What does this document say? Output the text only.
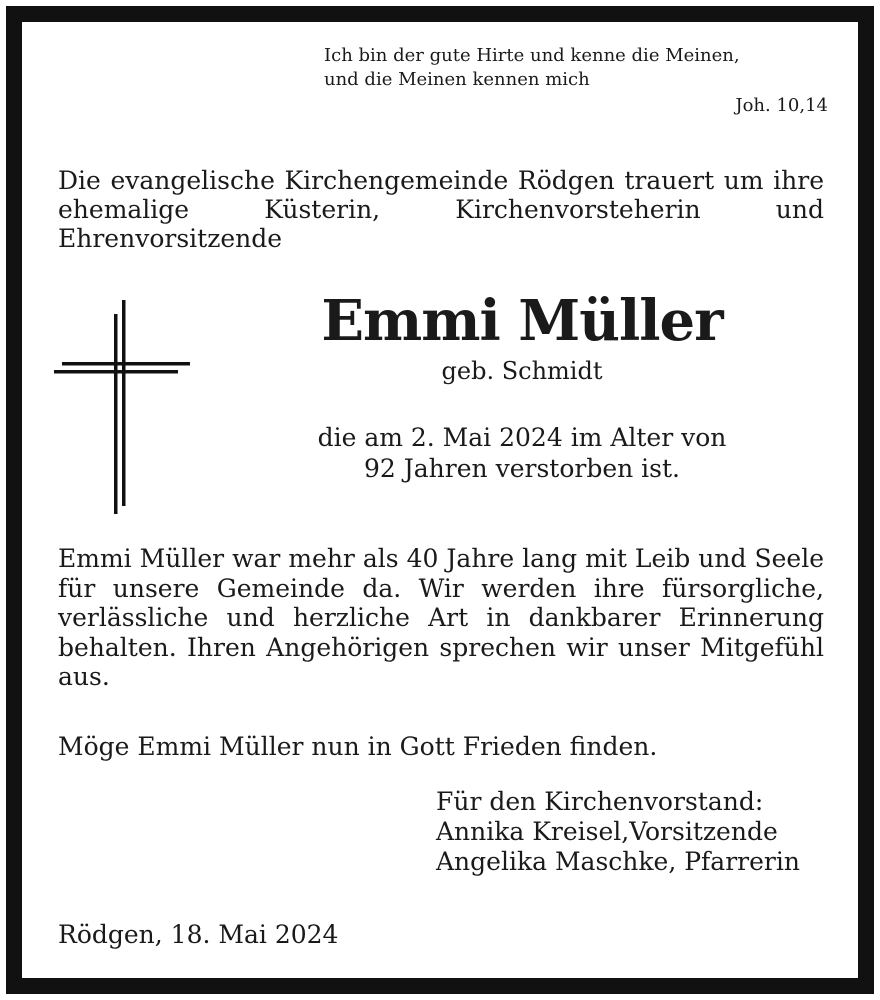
Ich bin der gute Hirte und kenne die Meinen,
und die Meinen kennen mich
Joh. 10,14
Die evangelische Kirchengemeinde Rödgen trauert um ihre ehemalige Küsterin, Kirchenvorsteherin und Ehrenvorsitzende
Emmi Müller
geb. Schmidt
die am 2. Mai 2024 im Alter von
92 Jahren verstorben ist.
Emmi Müller war mehr als 40 Jahre lang mit Leib und Seele für unsere Gemeinde da. Wir werden ihre fürsorgliche, verlässliche und herzliche Art in dankbarer Erinnerung behalten. Ihren Angehörigen sprechen wir unser Mitgefühl aus.
Möge Emmi Müller nun in Gott Frieden finden.
Für den Kirchenvorstand:
Annika Kreisel,Vorsitzende
Angelika Maschke, Pfarrerin
Rödgen, 18. Mai 2024
